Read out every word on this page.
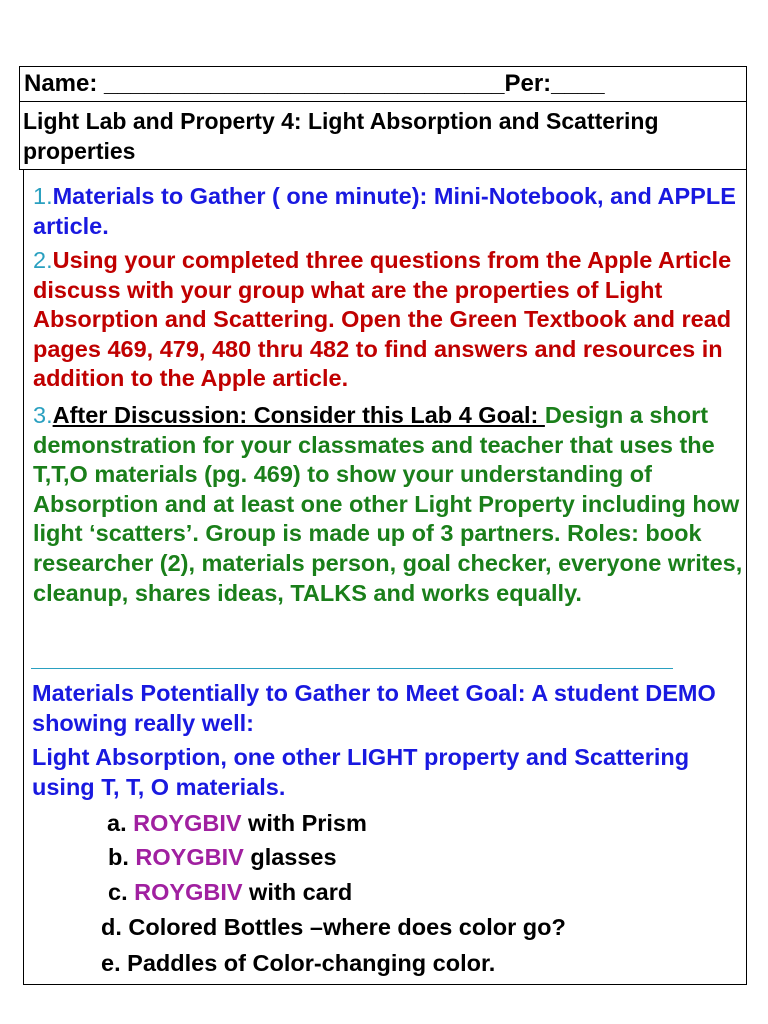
Name: ______________________________Per:____
Light Lab and Property 4: Light Absorption and Scattering properties
1.Materials to Gather ( one minute): Mini-Notebook, and APPLE article.
2.Using your completed three questions from the Apple Article discuss with your group what are the properties of Light Absorption and Scattering. Open the Green Textbook and read pages 469, 479, 480 thru 482 to find answers and resources in addition to the Apple article.
3.After Discussion: Consider this Lab 4 Goal: Design a short demonstration for your classmates and teacher that uses the T,T,O materials (pg. 469) to show your understanding of Absorption and at least one other Light Property including how light ‘scatters’. Group is made up of 3 partners. Roles: book researcher (2), materials person, goal checker, everyone writes, cleanup, shares ideas, TALKS and works equally.
Materials Potentially to Gather to Meet Goal: A student DEMO showing really well:
Light Absorption, one other LIGHT property and Scattering using T, T, O materials.
a. ROYGBIV with Prism
b. ROYGBIV glasses
c. ROYGBIV with card
d. Colored Bottles –where does color go?
e. Paddles of Color-changing color.
